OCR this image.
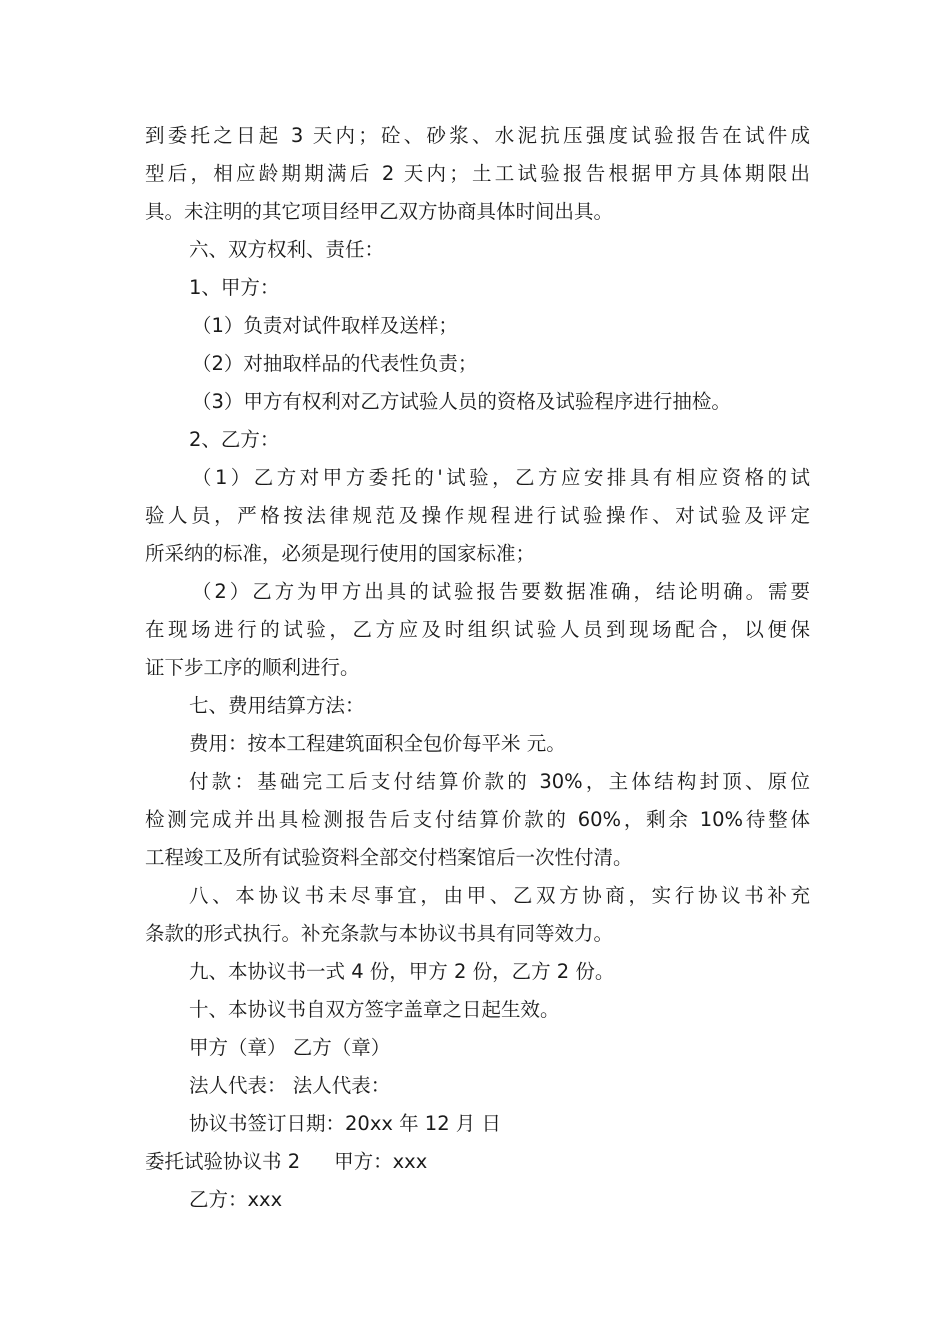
到委托之日起 3 天内；砼、砂浆、水泥抗压强度试验报告在试件成
型后，相应龄期期满后 2 天内；土工试验报告根据甲方具体期限出
具。未注明的其它项目经甲乙双方协商具体时间出具。
六、双方权利、责任：
1、甲方：
（1）负责对试件取样及送样；
（2）对抽取样品的代表性负责；
（3）甲方有权利对乙方试验人员的资格及试验程序进行抽检。
2、乙方：
（1）乙方对甲方委托的'试验，乙方应安排具有相应资格的试
验人员，严格按法律规范及操作规程进行试验操作、对试验及评定
所采纳的标准，必须是现行使用的国家标准；
（2）乙方为甲方出具的试验报告要数据准确，结论明确。需要
在现场进行的试验，乙方应及时组织试验人员到现场配合，以便保
证下步工序的顺利进行。
七、费用结算方法：
费用：按本工程建筑面积全包价每平米 元。
付款：基础完工后支付结算价款的 30%，主体结构封顶、原位
检测完成并出具检测报告后支付结算价款的 60%，剩余 10%待整体
工程竣工及所有试验资料全部交付档案馆后一次性付清。
八、本协议书未尽事宜，由甲、乙双方协商，实行协议书补充
条款的形式执行。补充条款与本协议书具有同等效力。
九、本协议书一式 4 份，甲方 2 份，乙方 2 份。
十、本协议书自双方签字盖章之日起生效。
甲方（章） 乙方（章）
法人代表： 法人代表：
协议书签订日期：20xx 年 12 月 日
委托试验协议书 2 甲方：xxx
乙方：xxx
